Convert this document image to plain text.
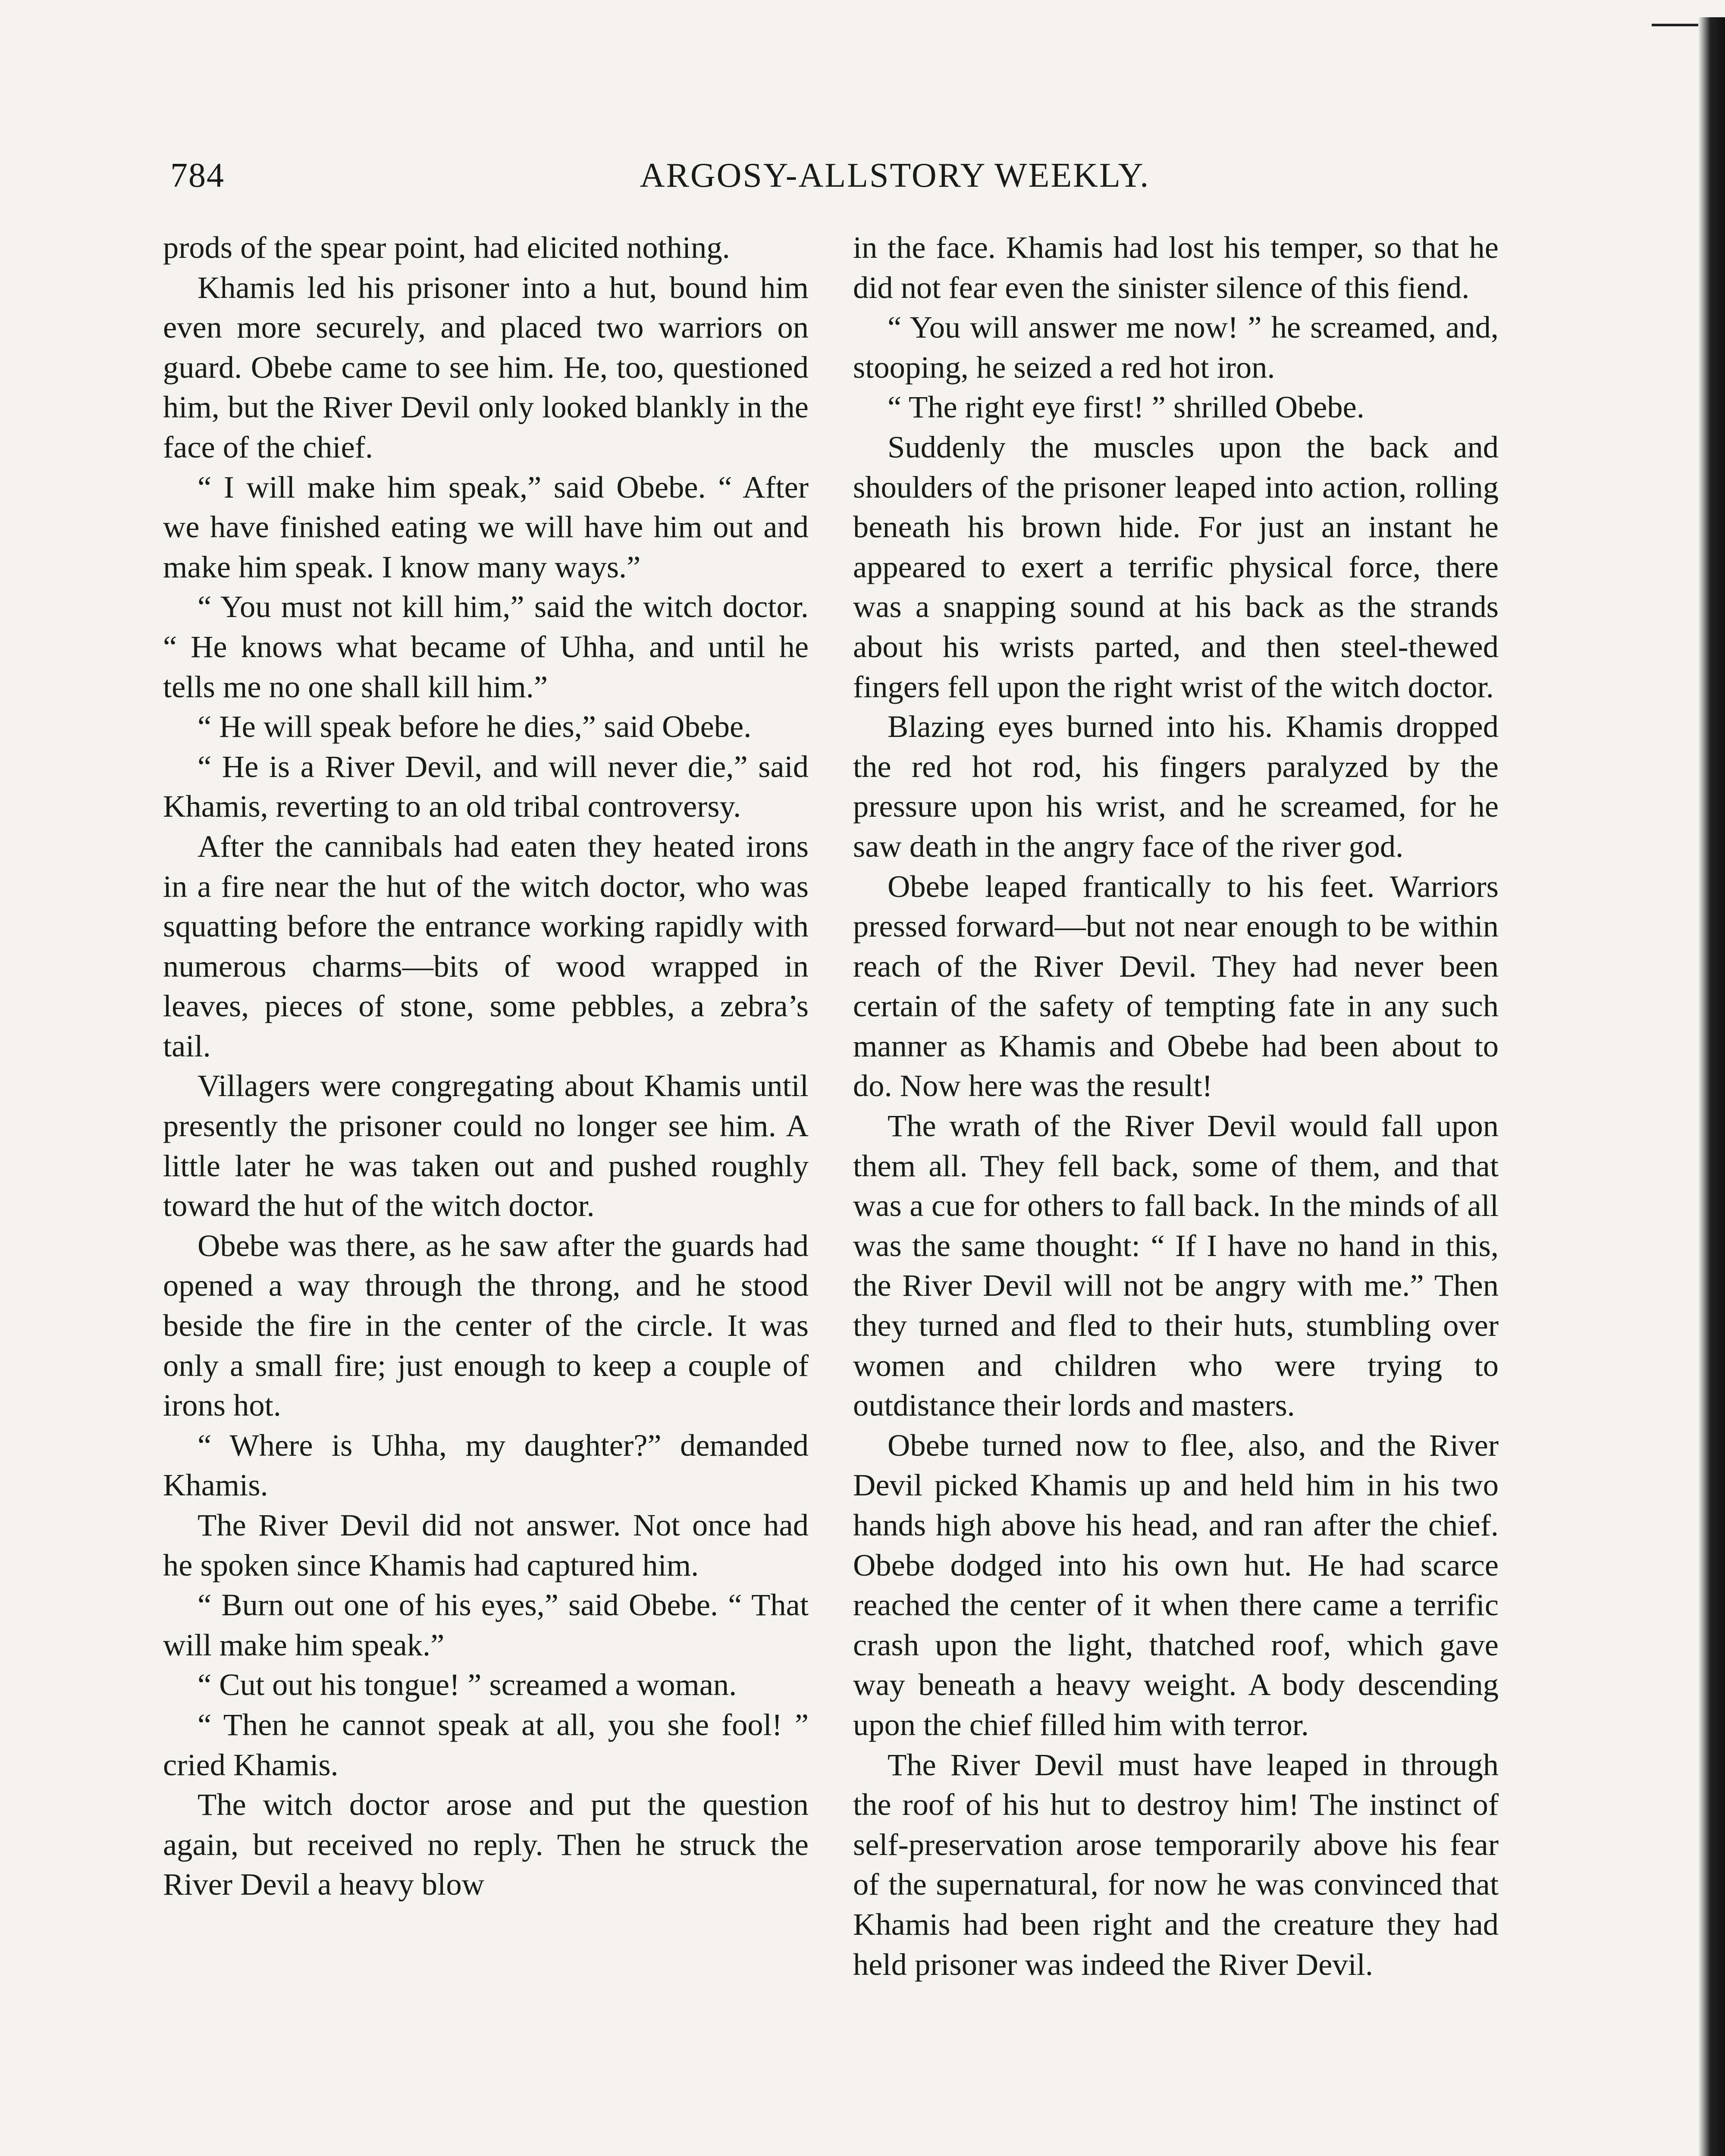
784	ARGOSY-ALLSTORY WEEKLY.

prods of the spear point, had elicited nothing.

Khamis led his prisoner into a hut, bound him even more securely, and placed two warriors on guard. Obebe came to see him. He, too, questioned him, but the River Devil only looked blankly in the face of the chief.

“ I will make him speak,” said Obebe. “ After we have finished eating we will have him out and make him speak. I know many ways.”

“ You must not kill him,” said the witch doctor. “ He knows what became of Uhha, and until he tells me no one shall kill him.”

“ He will speak before he dies,” said Obebe.

“ He is a River Devil, and will never die,” said Khamis, reverting to an old tribal controversy.

After the cannibals had eaten they heated irons in a fire near the hut of the witch doctor, who was squatting before the entrance working rapidly with numerous charms—bits of wood wrapped in leaves, pieces of stone, some pebbles, a zebra’s tail.

Villagers were congregating about Khamis until presently the prisoner could no longer see him. A little later he was taken out and pushed roughly toward the hut of the witch doctor.

Obebe was there, as he saw after the guards had opened a way through the throng, and he stood beside the fire in the center of the circle. It was only a small fire; just enough to keep a couple of irons hot.

“ Where is Uhha, my daughter?” demanded Khamis.

The River Devil did not answer. Not once had he spoken since Khamis had captured him.

“ Burn out one of his eyes,” said Obebe. “ That will make him speak.”

“ Cut out his tongue! ” screamed a woman.

“ Then he cannot speak at all, you she fool! ” cried Khamis.

The witch doctor arose and put the question again, but received no reply. Then he struck the River Devil a heavy blow

in the face. Khamis had lost his temper, so that he did not fear even the sinister silence of this fiend.

“ You will answer me now! ” he screamed, and, stooping, he seized a red hot iron.

“ The right eye first! ” shrilled Obebe.

Suddenly the muscles upon the back and shoulders of the prisoner leaped into action, rolling beneath his brown hide. For just an instant he appeared to exert a terrific physical force, there was a snapping sound at his back as the strands about his wrists parted, and then steel-thewed fingers fell upon the right wrist of the witch doctor.

Blazing eyes burned into his. Khamis dropped the red hot rod, his fingers paralyzed by the pressure upon his wrist, and he screamed, for he saw death in the angry face of the river god.

Obebe leaped frantically to his feet. Warriors pressed forward—but not near enough to be within reach of the River Devil. They had never been certain of the safety of tempting fate in any such manner as Khamis and Obebe had been about to do. Now here was the result!

The wrath of the River Devil would fall upon them all. They fell back, some of them, and that was a cue for others to fall back. In the minds of all was the same thought: “ If I have no hand in this, the River Devil will not be angry with me.” Then they turned and fled to their huts, stumbling over women and children who were trying to outdistance their lords and masters.

Obebe turned now to flee, also, and the River Devil picked Khamis up and held him in his two hands high above his head, and ran after the chief. Obebe dodged into his own hut. He had scarce reached the center of it when there came a terrific crash upon the light, thatched roof, which gave way beneath a heavy weight. A body descending upon the chief filled him with terror.

The River Devil must have leaped in through the roof of his hut to destroy him! The instinct of self-preservation arose temporarily above his fear of the supernatural, for now he was convinced that Khamis had been right and the creature they had held prisoner was indeed the River Devil.
